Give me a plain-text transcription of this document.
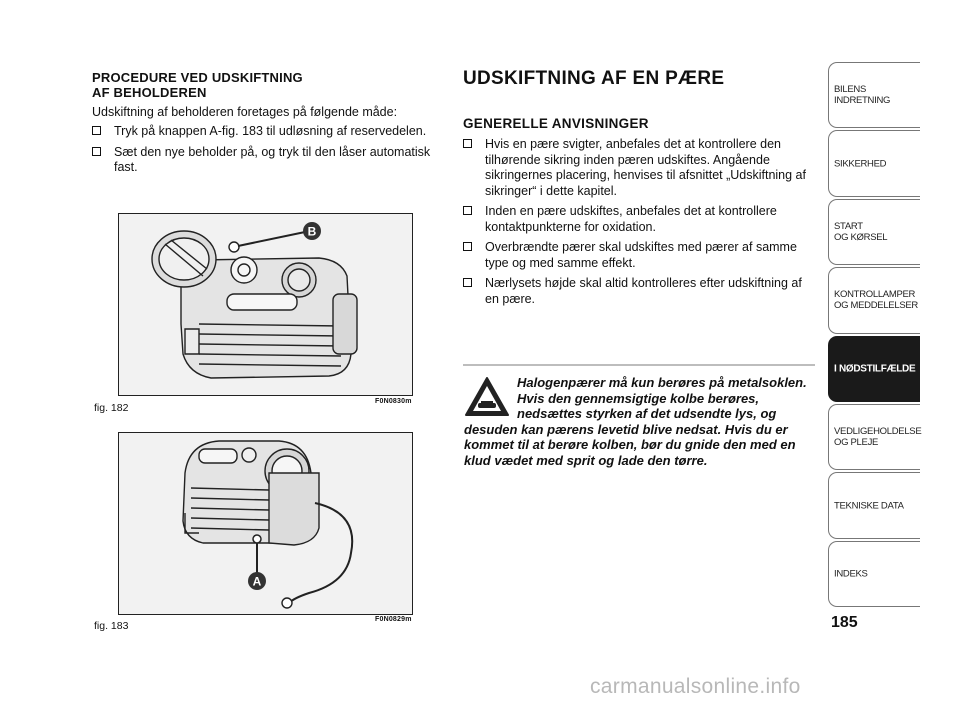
PROCEDURE VED UDSKIFTNING
AF BEHOLDEREN

Udskiftning af beholderen foretages på følgende måde:

Tryk på knappen A-fig. 183 til udløsning af reservedelen.
Sæt den nye beholder på, og tryk til den låser automatisk fast.
B
fig. 182
F0N0830m
A
fig. 183
F0N0829m
UDSKIFTNING AF EN PÆRE
GENERELLE ANVISNINGER
Hvis en pære svigter, anbefales det at kontrollere den tilhørende sikring inden pæren udskiftes. Angående sikringernes placering, henvises til afsnittet „Udskiftning af sikringer“ i dette kapitel.
Inden en pære udskiftes, anbefales det at kontrollere kontaktpunkterne for oxidation.
Overbrændte pærer skal udskiftes med pærer af samme type og med samme effekt.
Nærlysets højde skal altid kontrolleres efter udskiftning af en pære.
Halogenpærer må kun berøres på metalsoklen. Hvis den gennemsigtige kolbe berøres, nedsættes styrken af det udsendte lys, og desuden kan pærens levetid blive nedsat. Hvis du er kommet til at berøre kolben, bør du gnide den med en klud vædet med sprit og lade den tørre.
BILENS
INDRETNING
SIKKERHED
START
OG KØRSEL
KONTROLLAMPER
OG MEDDELELSER
I NØDSTILFÆLDE
VEDLIGEHOLDELSE
OG PLEJE
TEKNISKE DATA
INDEKS
185
carmanualsonline.info
